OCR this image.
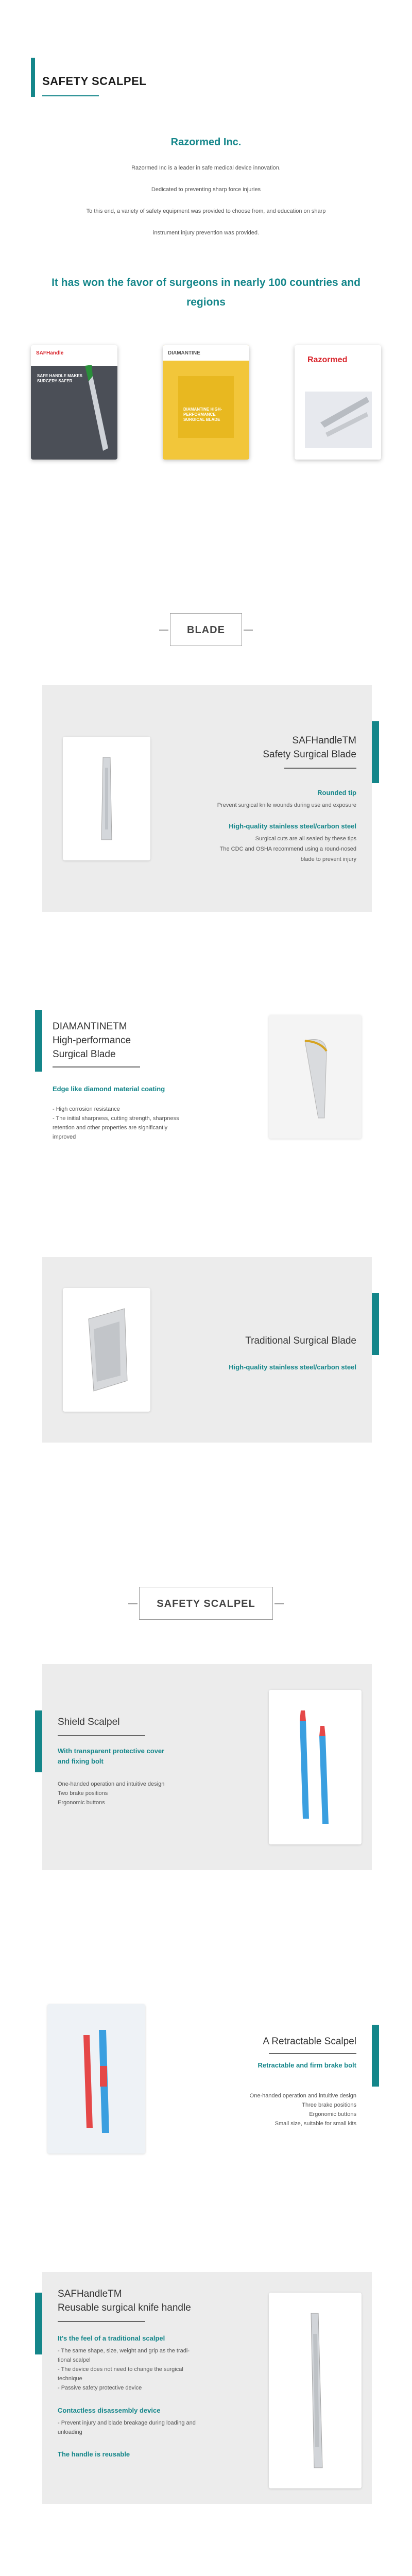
SAFETY SCALPEL
Razormed Inc.
Razormed Inc is a leader in safe medical device innovation.
Dedicated to preventing sharp force injuries
To this end, a variety of safety equipment was provided to choose from, and education on sharp
instrument injury prevention was provided.
It has won the favor of surgeons in nearly 100 countries and regions
SAFHandle
SAFE HANDLE MAKES SURGERY SAFER
DIAMANTINE
DIAMANTINE HIGH-PERFORMANCE SURGICAL BLADE
Razormed
BLADE
SAFHandleTM
Safety Surgical Blade
Rounded tip
Prevent surgical knife wounds during use and exposure
High-quality stainless steel/carbon steel
Surgical cuts are all sealed by these tips
The CDC and OSHA recommend using a round-nosed
blade to prevent injury
DIAMANTINETM
High-performance
Surgical Blade
Edge like diamond material coating
- High corrosion resistance
- The initial sharpness, cutting strength, sharpness
retention and other properties are significantly
improved
Traditional Surgical Blade
High-quality stainless steel/carbon steel
SAFETY SCALPEL
Shield Scalpel
With transparent protective cover
and fixing bolt
One-handed operation and intuitive design
Two brake positions
Ergonomic buttons
A Retractable Scalpel
Retractable and firm brake bolt
One-handed operation and intuitive design
Three brake positions
Ergonomic buttons
Small size, suitable for small kits
SAFHandleTM
Reusable surgical knife handle
It's the feel of a traditional scalpel
- The same shape, size, weight and grip as the tradi-
tional scalpel
- The device does not need to change the surgical
technique
- Passive safety protective device
Contactless disassembly device
- Prevent injury and blade breakage during loading and
unloading
The handle is reusable
